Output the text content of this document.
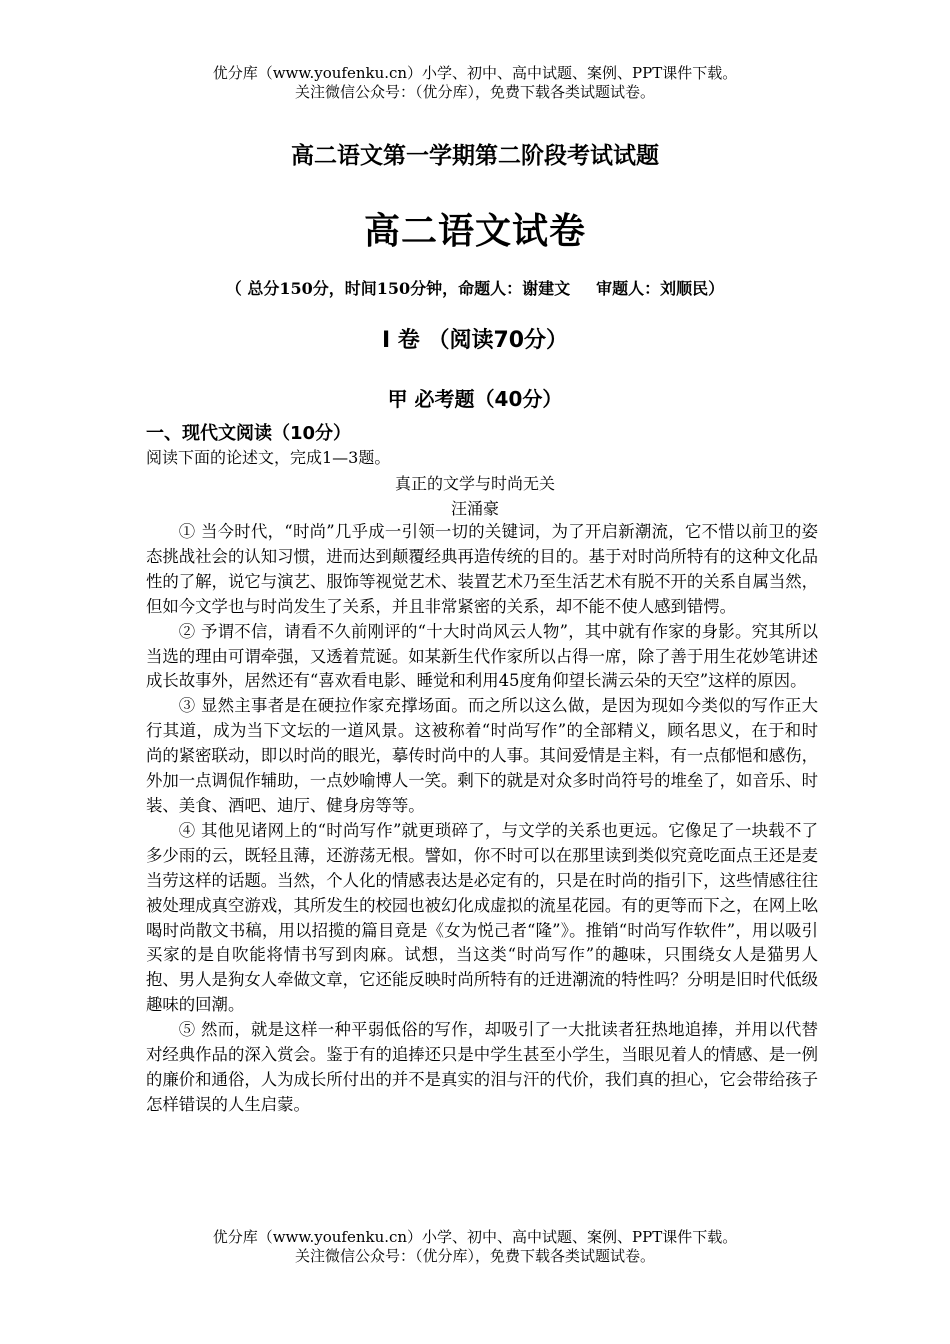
优分库（www.youfenku.cn）小学、初中、高中试题、案例、PPT课件下载。
关注微信公众号：（优分库），免费下载各类试题试卷。
高二语文第一学期第二阶段考试试题
高二语文试卷
（ 总分150分，时间150分钟，命题人：谢建文 审题人：刘顺民）
Ⅰ 卷 （阅读70分）
甲 必考题（40分）
一、现代文阅读（10分）
阅读下面的论述文，完成1—3题。
真正的文学与时尚无关
汪涌豪

① 当今时代，“时尚”几乎成一引领一切的关键词，为了开启新潮流，它不惜以前卫的姿态挑战社会的认知习惯，进而达到颠覆经典再造传统的目的。基于对时尚所特有的这种文化品性的了解，说它与演艺、服饰等视觉艺术、装置艺术乃至生活艺术有脱不开的关系自属当然，但如今文学也与时尚发生了关系，并且非常紧密的关系，却不能不使人感到错愕。

② 予谓不信，请看不久前刚评的“十大时尚风云人物”，其中就有作家的身影。究其所以当选的理由可谓牵强，又透着荒诞。如某新生代作家所以占得一席，除了善于用生花妙笔讲述成长故事外，居然还有“喜欢看电影、睡觉和利用45度角仰望长满云朵的天空”这样的原因。

③ 显然主事者是在硬拉作家充撑场面。而之所以这么做，是因为现如今类似的写作正大行其道，成为当下文坛的一道风景。这被称着“时尚写作”的全部精义，顾名思义，在于和时尚的紧密联动，即以时尚的眼光，摹传时尚中的人事。其间爱情是主料，有一点郁悒和感伤，外加一点调侃作辅助，一点妙喻博人一笑。剩下的就是对众多时尚符号的堆垒了，如音乐、时装、美食、酒吧、迪厅、健身房等等。

④ 其他见诸网上的“时尚写作”就更琐碎了，与文学的关系也更远。它像足了一块载不了多少雨的云，既轻且薄，还游荡无根。譬如，你不时可以在那里读到类似究竟吃面点王还是麦当劳这样的话题。当然，个人化的情感表达是必定有的，只是在时尚的指引下，这些情感往往被处理成真空游戏，其所发生的校园也被幻化成虚拟的流星花园。有的更等而下之，在网上吆喝时尚散文书稿，用以招揽的篇目竟是《女为悦己者“隆”》。推销“时尚写作软件”，用以吸引买家的是自吹能将情书写到肉麻。试想，当这类“时尚写作”的趣味，只围绕女人是猫男人抱、男人是狗女人牵做文章，它还能反映时尚所特有的迁进潮流的特性吗？分明是旧时代低级趣味的回潮。

⑤ 然而，就是这样一种平弱低俗的写作，却吸引了一大批读者狂热地追捧，并用以代替对经典作品的深入赏会。鉴于有的追捧还只是中学生甚至小学生，当眼见着人的情感、是一例的廉价和通俗，人为成长所付出的并不是真实的泪与汗的代价，我们真的担心，它会带给孩子怎样错误的人生启蒙。

优分库（www.youfenku.cn）小学、初中、高中试题、案例、PPT课件下载。
关注微信公众号：（优分库），免费下载各类试题试卷。
